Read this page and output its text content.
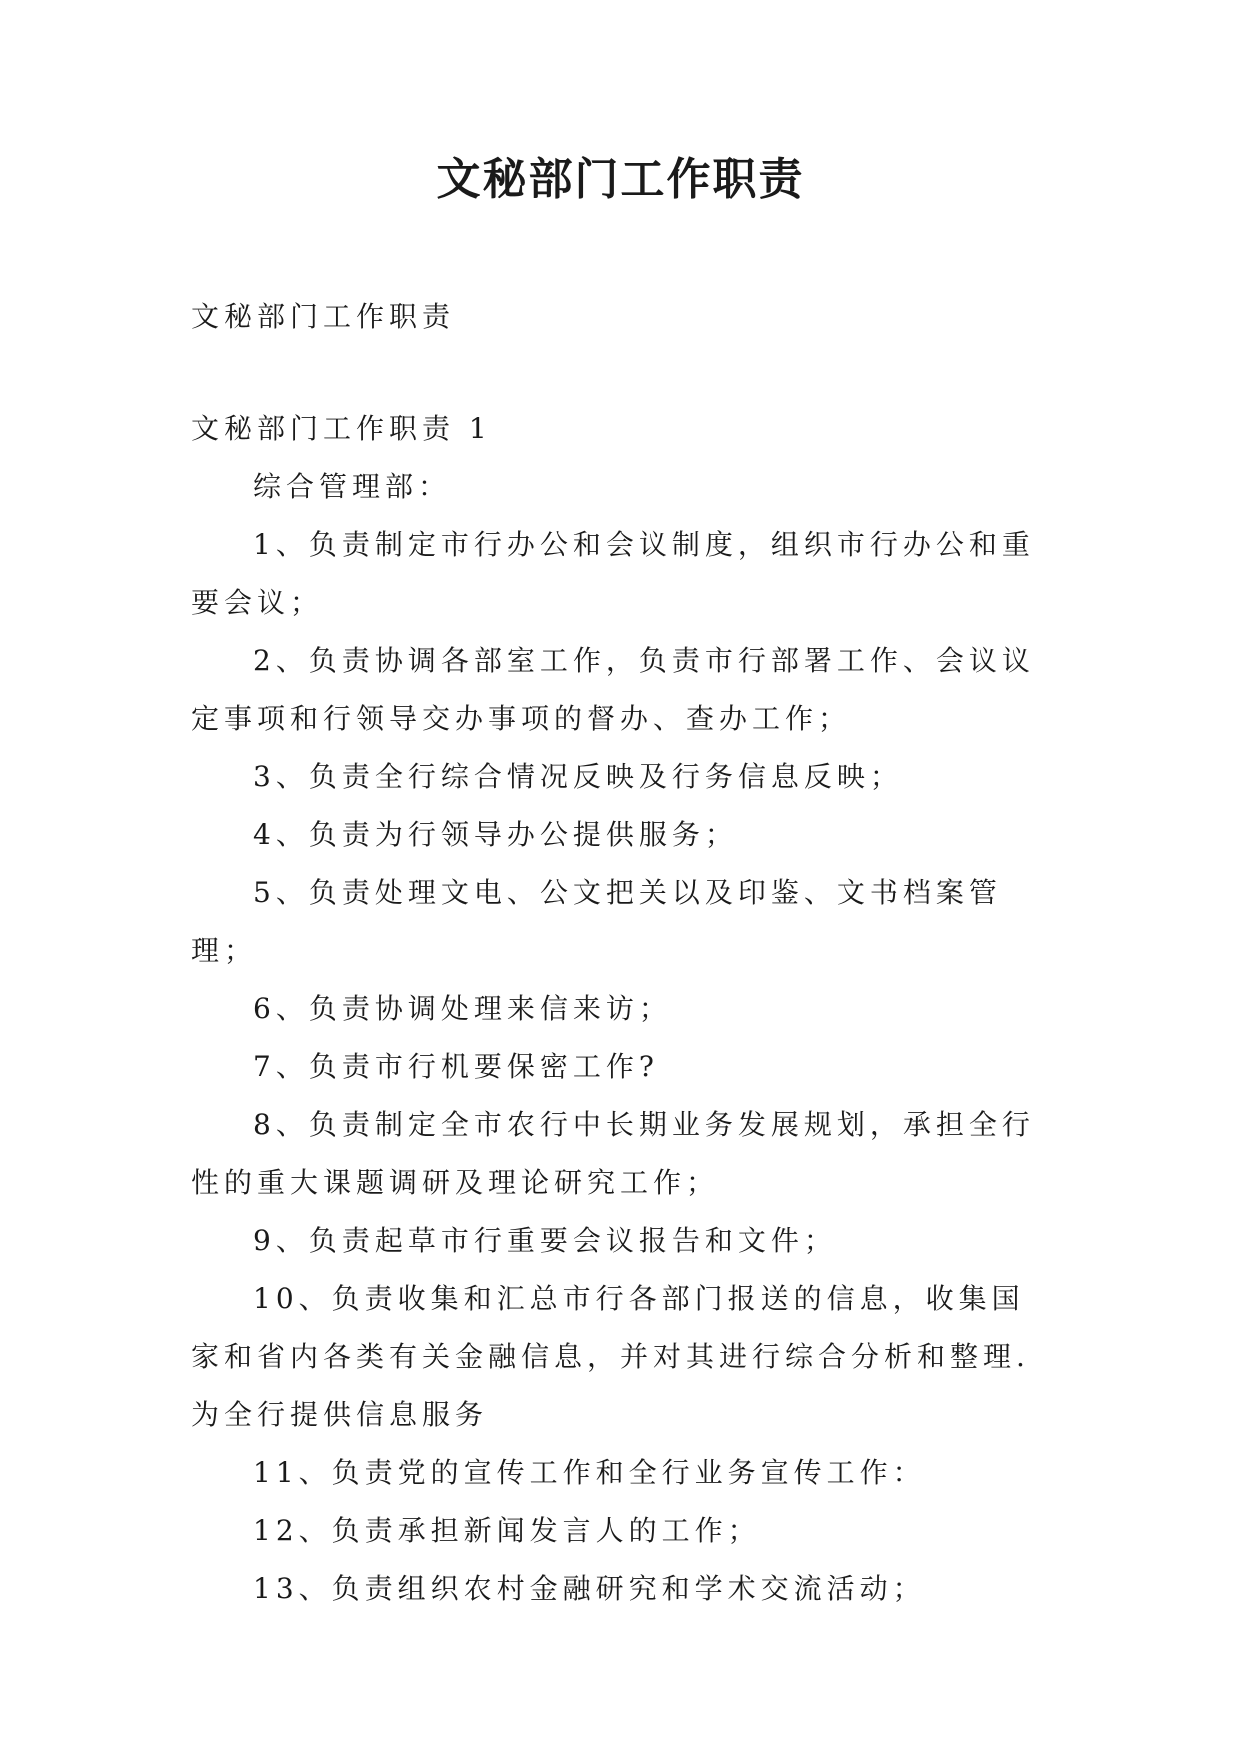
文秘部门工作职责
文秘部门工作职责

文秘部门工作职责 1

综合管理部：

1、负责制定市行办公和会议制度，组织市行办公和重要会议；

2、负责协调各部室工作，负责市行部署工作、会议议定事项和行领导交办事项的督办、查办工作；

3、负责全行综合情况反映及行务信息反映；

4、负责为行领导办公提供服务；

5、负责处理文电、公文把关以及印鉴、文书档案管理；

6、负责协调处理来信来访；

7、负责市行机要保密工作?

8、负责制定全市农行中长期业务发展规划，承担全行性的重大课题调研及理论研究工作；

9、负责起草市行重要会议报告和文件；

10、负责收集和汇总市行各部门报送的信息，收集国家和省内各类有关金融信息，并对其进行综合分析和整理.为全行提供信息服务

11、负责党的宣传工作和全行业务宣传工作：

12、负责承担新闻发言人的工作；

13、负责组织农村金融研究和学术交流活动；
